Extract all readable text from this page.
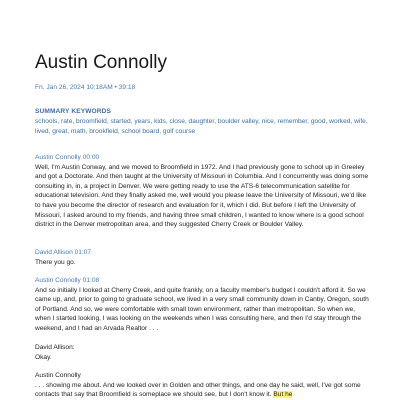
Austin Connolly
Fri, Jan 26, 2024 10:18AM • 39:18
SUMMARY KEYWORDS
schools, rate, broomfield, started, years, kids, close, daughter, boulder valley, nice, remember, good, worked, wife, lived, great, math, brookfield, school board, golf course
Austin Connolly 00:00
Well, I'm Austin Conway, and we moved to Broomfield in 1972. And I had previously gone to school up in Greeley and got a Doctorate. And then taught at the University of Missouri in Columbia. And I concurrently was doing some consulting in, in, a project in Denver. We were getting ready to use the ATS-6 telecommunication satellite for educational television. And they finally asked me, well would you please leave the University of Missouri, we'd like to have you become the director of research and evaluation for it, which I did. But before I left the University of Missouri, I asked around to my friends, and having three small children, I wanted to know where is a good school district in the Denver metropolitan area, and they suggested Cherry Creek or Boulder Valley.
David Allison 01:07
There you go.
Austin Connolly 01:08
And so initially I looked at Cherry Creek, and quite frankly, on a faculty member's budget I couldn't afford it. So we came up, and, prior to going to graduate school, we lived in a very small community down in Canby, Oregon, south of Portland. And so, we were comfortable with small town environment, rather than metropolitan. So when we, when I started looking, I was looking on the weekends when I was consulting here, and then I'd stay through the weekend, and I had an Arvada Realtor . . .
David Allison:
Okay.
Austin Connolly
. . . showing me about. And we looked over in Golden and other things, and one day he said, well, I've got some contacts that say that Broomfield is someplace we should see, but I don't know it. But he
